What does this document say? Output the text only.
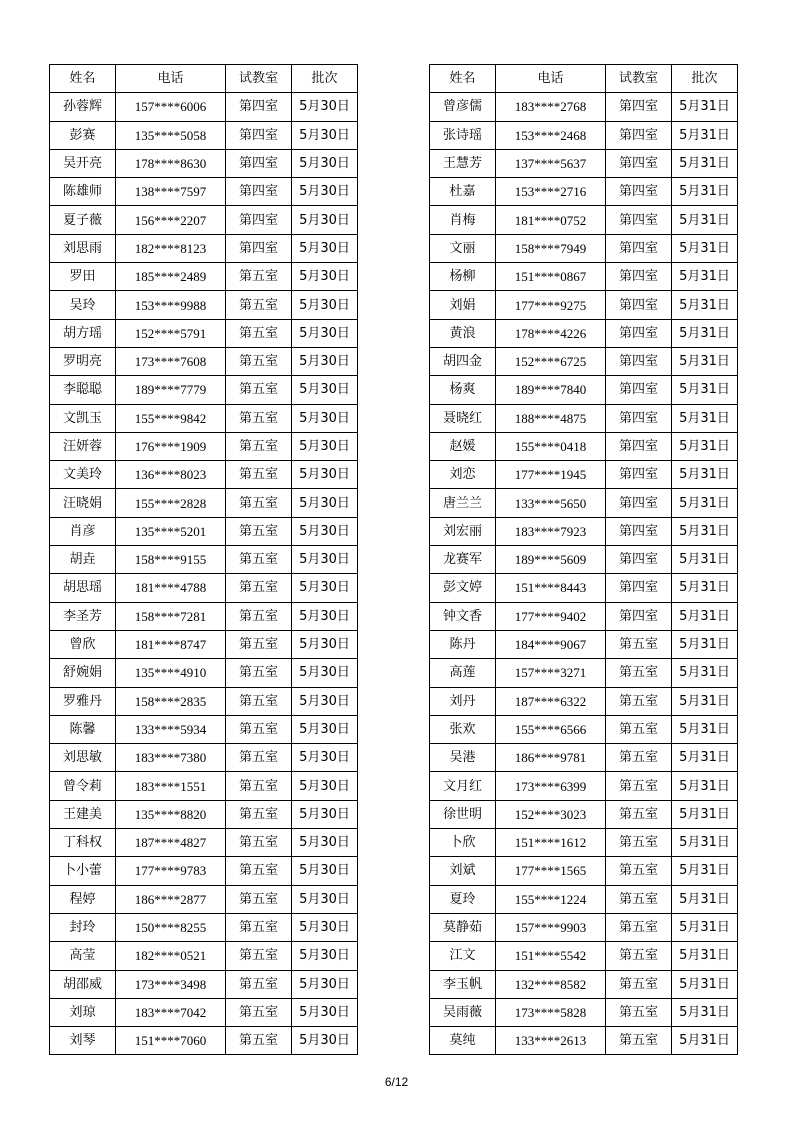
姓名	电话	试教室	批次
孙蓉辉	157****6006	第四室	5月30日
彭赛	135****5058	第四室	5月30日
吴开亮	178****8630	第四室	5月30日
陈雄师	138****7597	第四室	5月30日
夏子薇	156****2207	第四室	5月30日
刘思雨	182****8123	第四室	5月30日
罗田	185****2489	第五室	5月30日
吴玲	153****9988	第五室	5月30日
胡方瑶	152****5791	第五室	5月30日
罗明亮	173****7608	第五室	5月30日
李聪聪	189****7779	第五室	5月30日
文凯玉	155****9842	第五室	5月30日
汪妍蓉	176****1909	第五室	5月30日
文美玲	136****8023	第五室	5月30日
汪晓娟	155****2828	第五室	5月30日
肖彦	135****5201	第五室	5月30日
胡垚	158****9155	第五室	5月30日
胡思瑶	181****4788	第五室	5月30日
李圣芳	158****7281	第五室	5月30日
曾欣	181****8747	第五室	5月30日
舒婉娟	135****4910	第五室	5月30日
罗雅丹	158****2835	第五室	5月30日
陈馨	133****5934	第五室	5月30日
刘思敏	183****7380	第五室	5月30日
曾令莉	183****1551	第五室	5月30日
王建美	135****8820	第五室	5月30日
丁科权	187****4827	第五室	5月30日
卜小蕾	177****9783	第五室	5月30日
程婷	186****2877	第五室	5月30日
封玲	150****8255	第五室	5月30日
高莹	182****0521	第五室	5月30日
胡邵威	173****3498	第五室	5月30日
刘琼	183****7042	第五室	5月30日
刘琴	151****7060	第五室	5月30日
姓名	电话	试教室	批次
曾彦儒	183****2768	第四室	5月31日
张诗瑶	153****2468	第四室	5月31日
王慧芳	137****5637	第四室	5月31日
杜嘉	153****2716	第四室	5月31日
肖梅	181****0752	第四室	5月31日
文丽	158****7949	第四室	5月31日
杨柳	151****0867	第四室	5月31日
刘娟	177****9275	第四室	5月31日
黄浪	178****4226	第四室	5月31日
胡四金	152****6725	第四室	5月31日
杨爽	189****7840	第四室	5月31日
聂晓红	188****4875	第四室	5月31日
赵媛	155****0418	第四室	5月31日
刘恋	177****1945	第四室	5月31日
唐兰兰	133****5650	第四室	5月31日
刘宏丽	183****7923	第四室	5月31日
龙赛军	189****5609	第四室	5月31日
彭文婷	151****8443	第四室	5月31日
钟文香	177****9402	第四室	5月31日
陈丹	184****9067	第五室	5月31日
高莲	157****3271	第五室	5月31日
刘丹	187****6322	第五室	5月31日
张欢	155****6566	第五室	5月31日
吴港	186****9781	第五室	5月31日
文月红	173****6399	第五室	5月31日
徐世明	152****3023	第五室	5月31日
卜欣	151****1612	第五室	5月31日
刘斌	177****1565	第五室	5月31日
夏玲	155****1224	第五室	5月31日
莫静茹	157****9903	第五室	5月31日
江文	151****5542	第五室	5月31日
李玉帆	132****8582	第五室	5月31日
吴雨薇	173****5828	第五室	5月31日
莫纯	133****2613	第五室	5月31日
6/12
